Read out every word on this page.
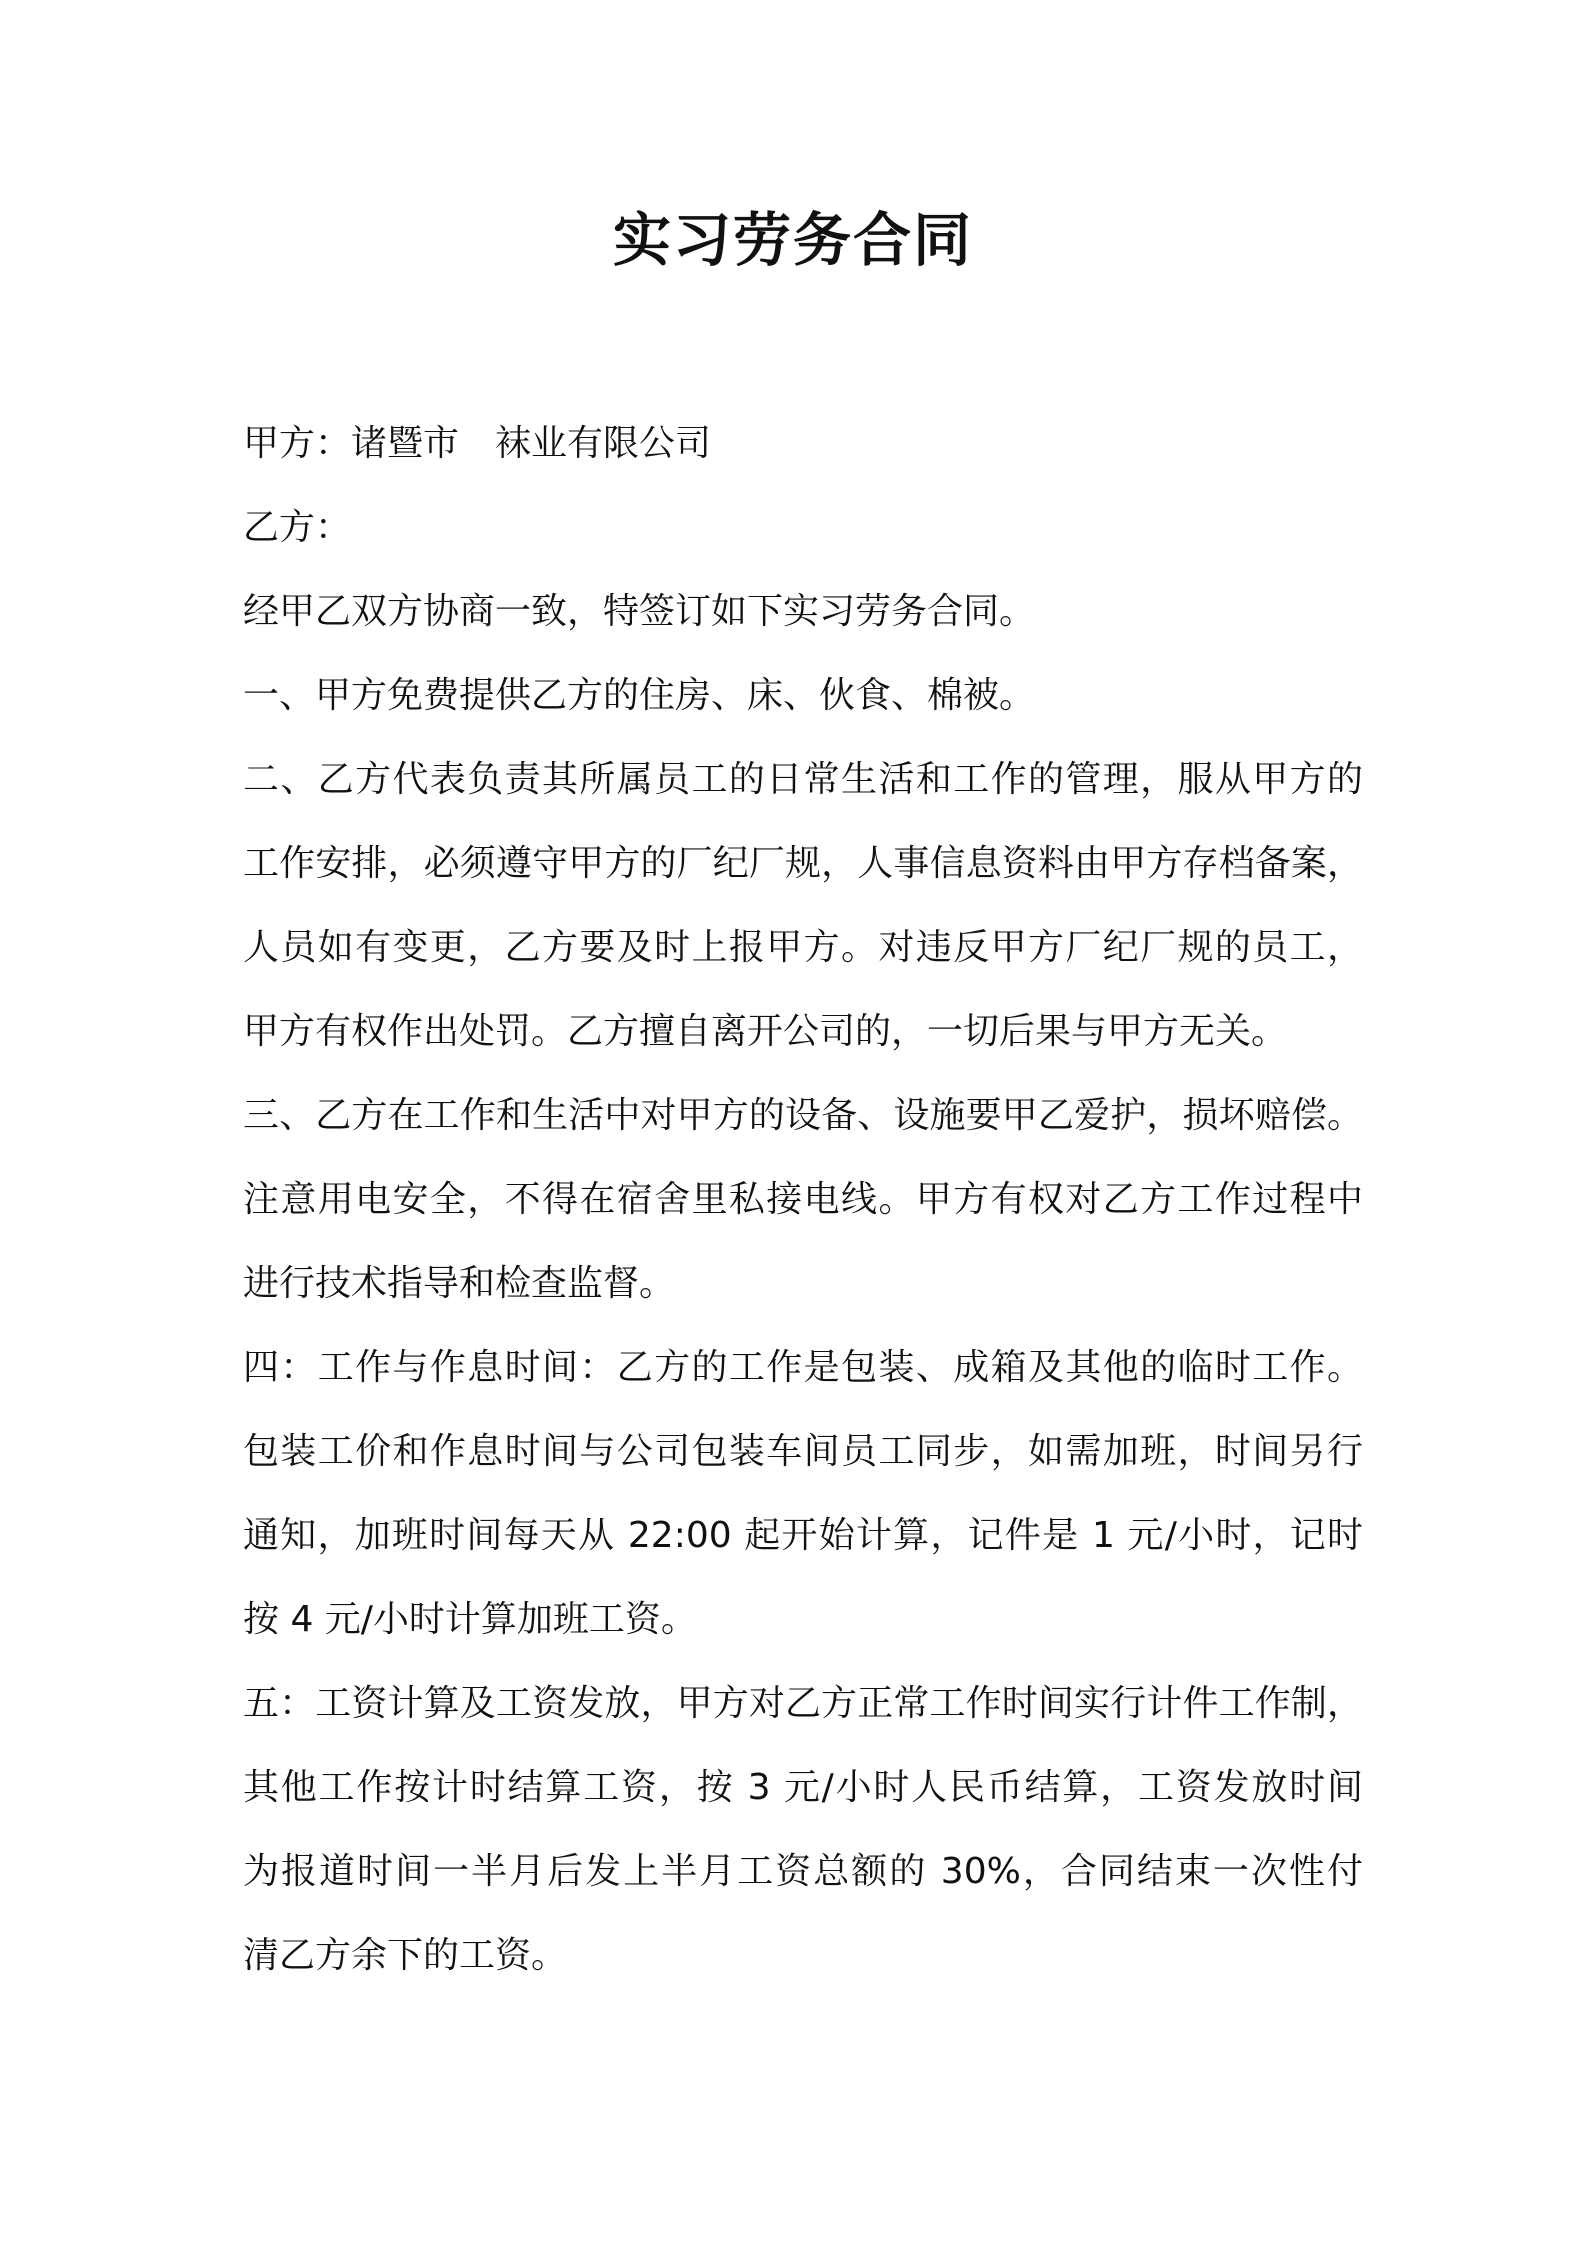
实习劳务合同
甲方：诸暨市 袜业有限公司
乙方：
经甲乙双方协商一致，特签订如下实习劳务合同。
一、甲方免费提供乙方的住房、床、伙食、棉被。
二、乙方代表负责其所属员工的日常生活和工作的管理，服从甲方的
工作安排，必须遵守甲方的厂纪厂规，人事信息资料由甲方存档备案，
人员如有变更，乙方要及时上报甲方。对违反甲方厂纪厂规的员工，
甲方有权作出处罚。乙方擅自离开公司的，一切后果与甲方无关。
三、乙方在工作和生活中对甲方的设备、设施要甲乙爱护，损坏赔偿。
注意用电安全，不得在宿舍里私接电线。甲方有权对乙方工作过程中
进行技术指导和检查监督。
四：工作与作息时间：乙方的工作是包装、成箱及其他的临时工作。
包装工价和作息时间与公司包装车间员工同步，如需加班，时间另行
通知，加班时间每天从 22:00 起开始计算，记件是 1 元/小时，记时
按 4 元/小时计算加班工资。
五：工资计算及工资发放，甲方对乙方正常工作时间实行计件工作制，
其他工作按计时结算工资，按 3 元/小时人民币结算，工资发放时间
为报道时间一半月后发上半月工资总额的 30%，合同结束一次性付
清乙方余下的工资。
